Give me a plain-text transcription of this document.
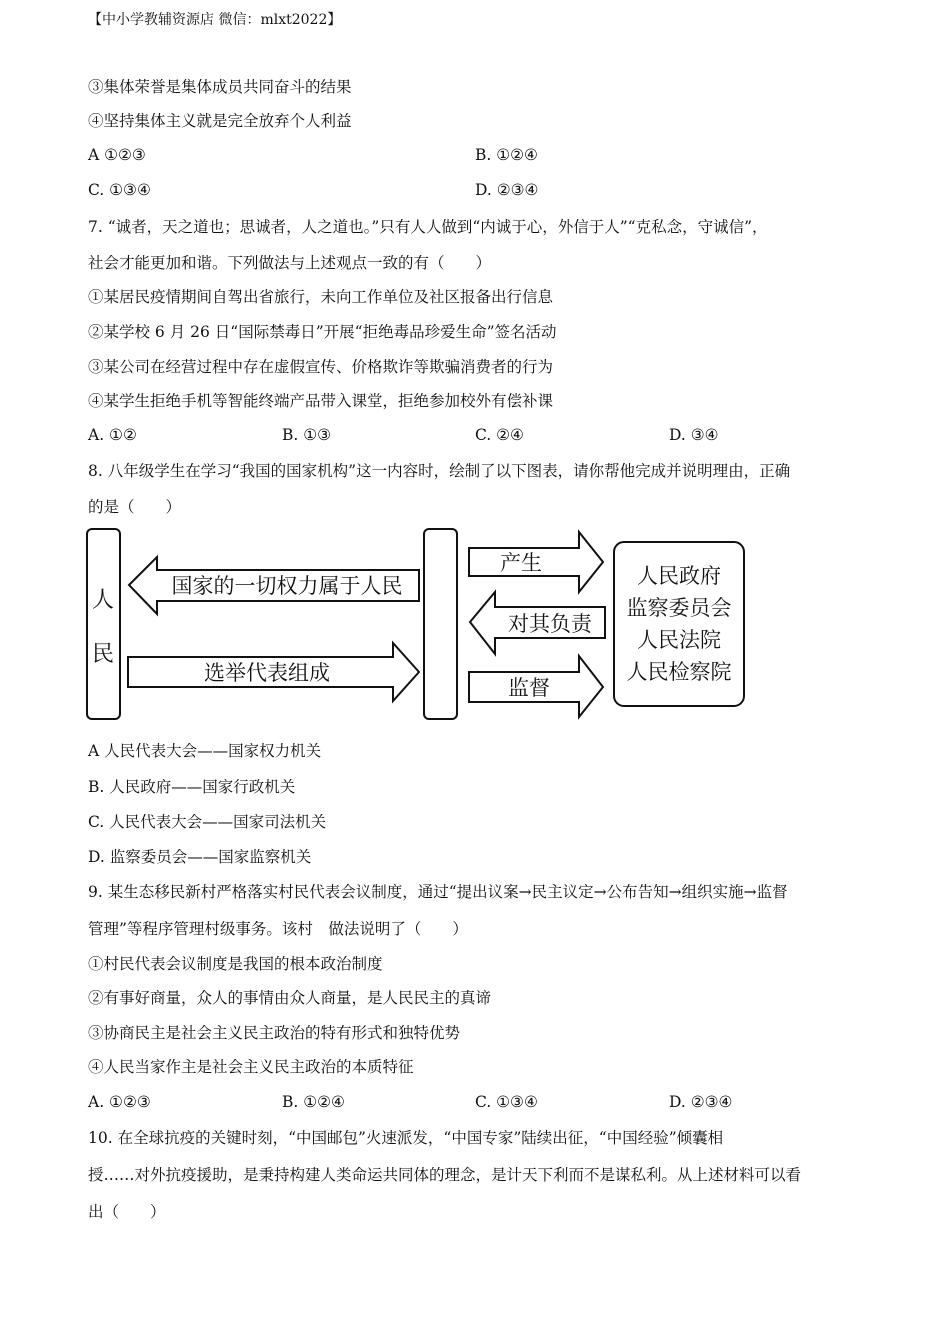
【中小学教辅资源店 微信：mlxt2022】
③集体荣誉是集体成员共同奋斗的结果
④坚持集体主义就是完全放弃个人利益
A ①②③	B. ①②④
C. ①③④	D. ②③④
7. “诚者，天之道也；思诚者，人之道也。”只有人人做到“内诚于心，外信于人”“克私念，守诚信”，
社会才能更加和谐。下列做法与上述观点一致的有（　　）
①某居民疫情期间自驾出省旅行，未向工作单位及社区报备出行信息
②某学校 6 月 26 日“国际禁毒日”开展“拒绝毒品珍爱生命”签名活动
③某公司在经营过程中存在虚假宣传、价格欺诈等欺骗消费者的行为
④某学生拒绝手机等智能终端产品带入课堂，拒绝参加校外有偿补课
A. ①②	B. ①③	C. ②④	D. ③④
8. 八年级学生在学习“我国的国家机构”这一内容时，绘制了以下图表，请你帮他完成并说明理由，正确
的是（　　）
人
民
国家的一切权力属于人民
选举代表组成
产生
对其负责
监督
人民政府
监察委员会
人民法院
人民检察院
A 人民代表大会——国家权力机关
B. 人民政府——国家行政机关
C. 人民代表大会——国家司法机关
D. 监察委员会——国家监察机关
9. 某生态移民新村严格落实村民代表会议制度，通过“提出议案→民主议定→公布告知→组织实施→监督
管理”等程序管理村级事务。该村　做法说明了（　　）
①村民代表会议制度是我国的根本政治制度
②有事好商量，众人的事情由众人商量，是人民民主的真谛
③协商民主是社会主义民主政治的特有形式和独特优势
④人民当家作主是社会主义民主政治的本质特征
A. ①②③	B. ①②④	C. ①③④	D. ②③④
10. 在全球抗疫的关键时刻，“中国邮包”火速派发，“中国专家”陆续出征，“中国经验”倾囊相
授……对外抗疫援助，是秉持构建人类命运共同体的理念，是计天下利而不是谋私利。从上述材料可以看
出（　　）
